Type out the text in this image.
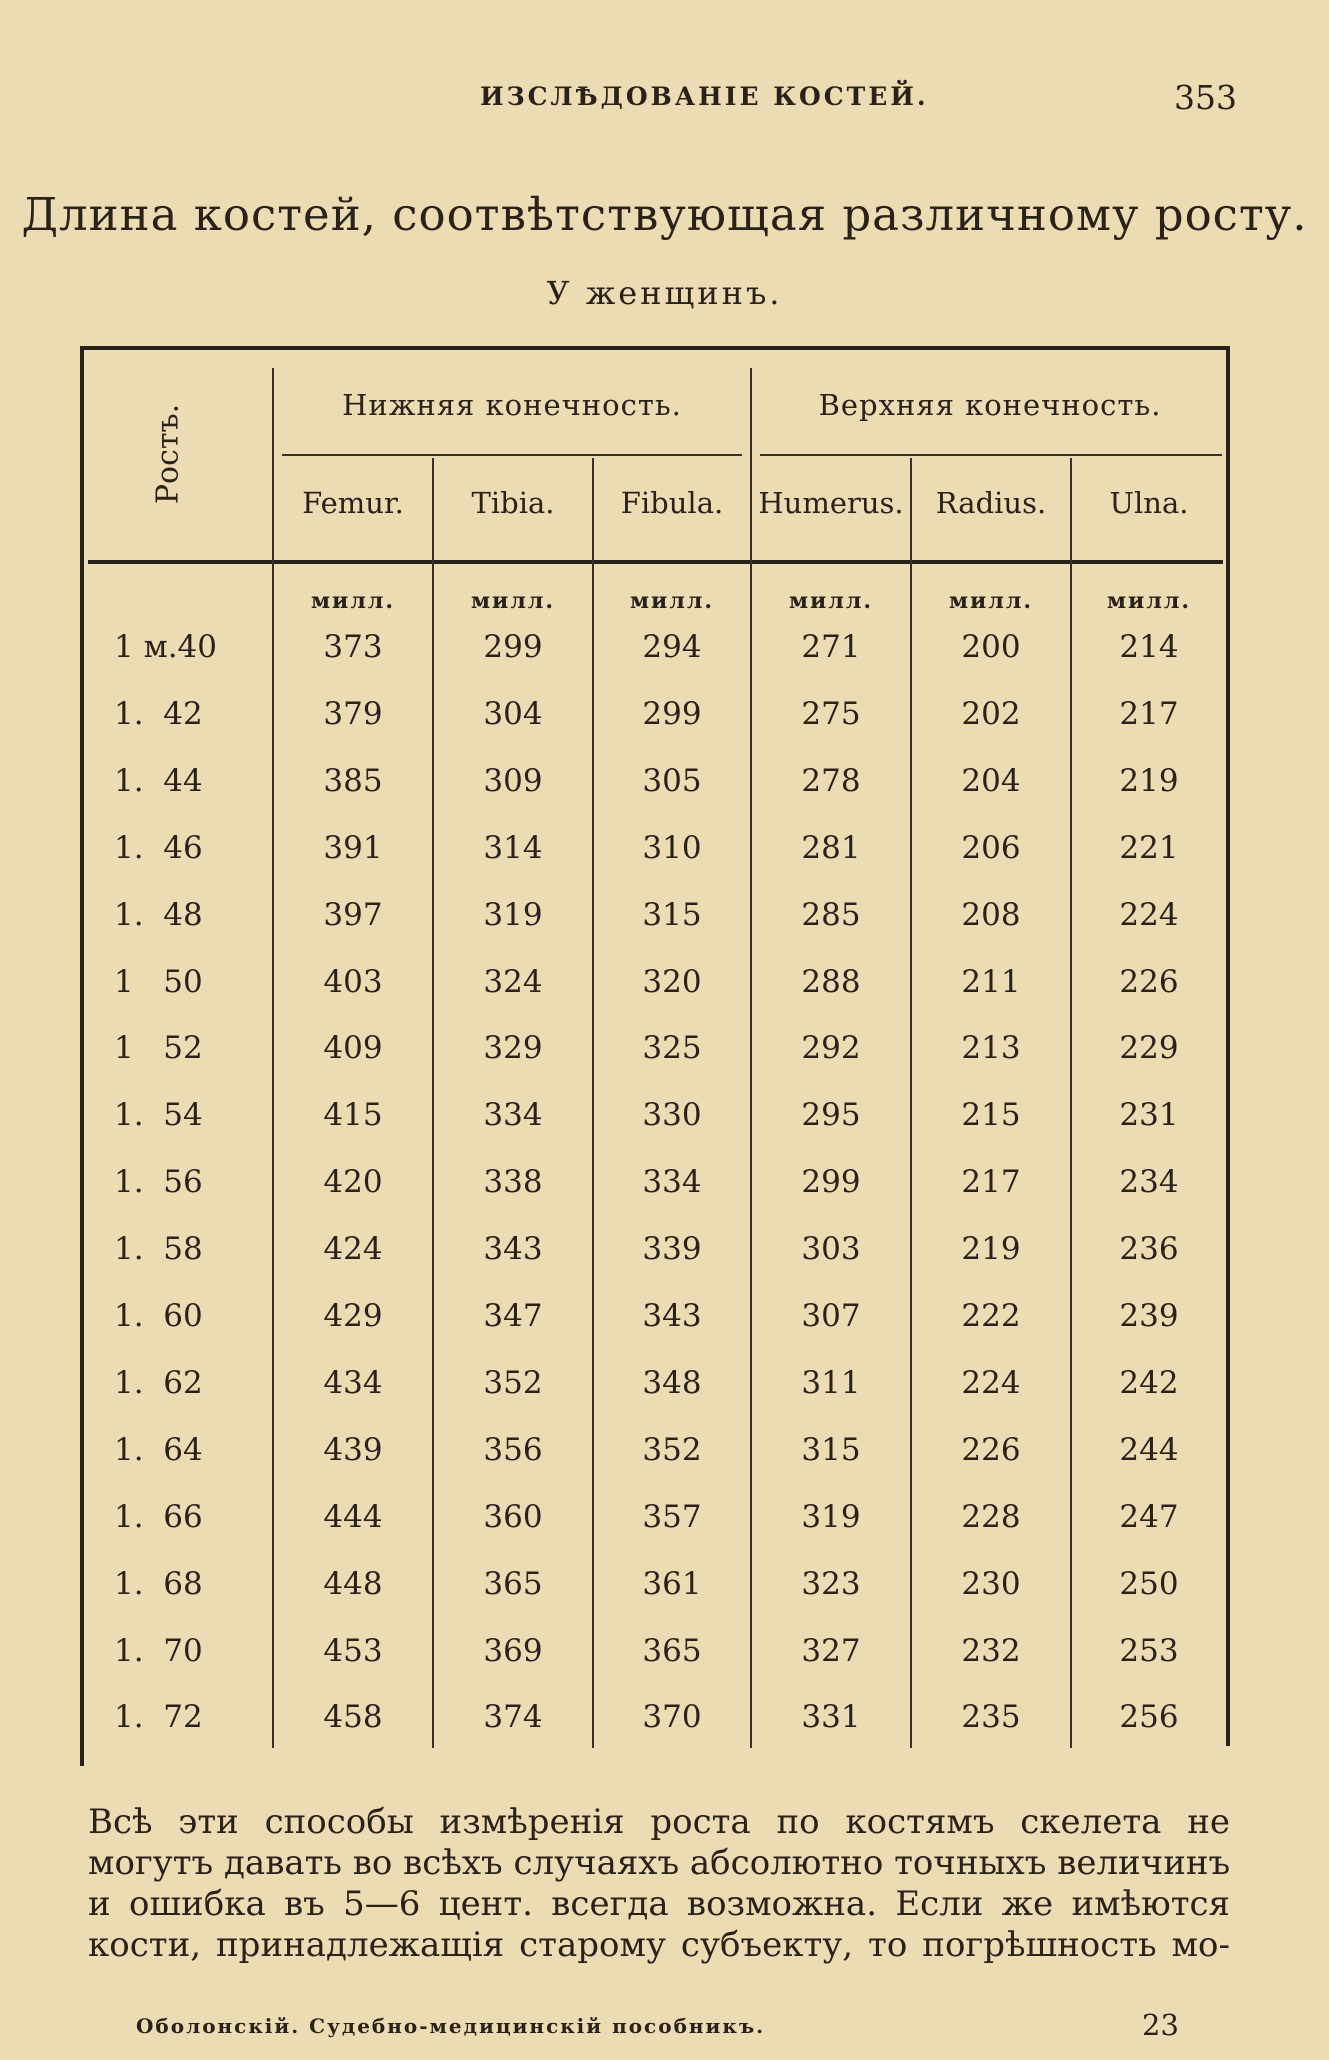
ИЗСЛѢДОВАНІЕ КОСТЕЙ.	353
Длина костей, соотвѣтствующая различному росту.
У женщинъ.
Ростъ.	Нижняя конечность.	Верхняя конечность.
Femur.	Tibia.	Fibula.	Humerus.	Radius.	Ulna.
милл.	милл.	милл.	милл.	милл.	милл.
1 м.40	373	299	294	271	200	214
1.  42	379	304	299	275	202	217
1.  44	385	309	305	278	204	219
1.  46	391	314	310	281	206	221
1.  48	397	319	315	285	208	224
1   50	403	324	320	288	211	226
1   52	409	329	325	292	213	229
1.  54	415	334	330	295	215	231
1.  56	420	338	334	299	217	234
1.  58	424	343	339	303	219	236
1.  60	429	347	343	307	222	239
1.  62	434	352	348	311	224	242
1.  64	439	356	352	315	226	244
1.  66	444	360	357	319	228	247
1.  68	448	365	361	323	230	250
1.  70	453	369	365	327	232	253
1.  72	458	374	370	331	235	256
Всѣ эти способы измѣренія роста по костямъ скелета не
могутъ давать во всѣхъ случаяхъ абсолютно точныхъ величинъ
и ошибка въ 5—6 цент. всегда возможна. Если же имѣются
кости, принадлежащія старому субъекту, то погрѣшность мо-
Оболонскій. Судебно-медицинскій пособникъ.	23
